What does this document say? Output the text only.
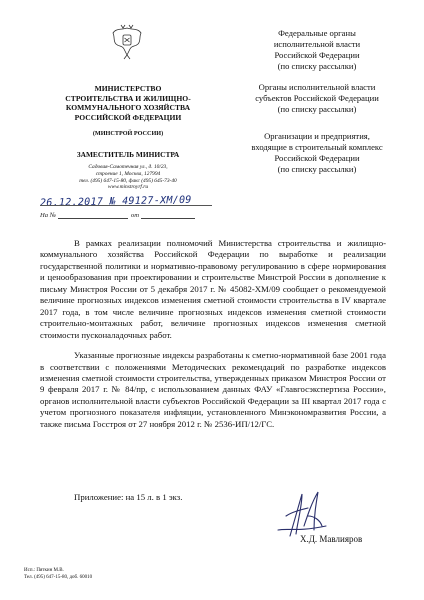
МИНИСТЕРСТВО
СТРОИТЕЛЬСТВА И ЖИЛИЩНО-
КОММУНАЛЬНОГО ХОЗЯЙСТВА
РОССИЙСКОЙ ФЕДЕРАЦИИ
(МИНСТРОЙ РОССИИ)
ЗАМЕСТИТЕЛЬ МИНИСТРА
Садовая-Самотечная ул., д. 10/23,
строение 1, Москва, 127994
тел. (495) 647-15-80, факс (495) 645-73-40
www.minstroyrf.ru
26.12.2017 № 49127-ХМ/09
На №	от
Федеральные органы
исполнительной власти
Российской Федерации
(по списку рассылки)
Органы исполнительной власти
субъектов Российской Федерации
(по списку рассылки)
Организации и предприятия,
входящие в строительный комплекс
Российской Федерации
(по списку рассылки)

В рамках реализации полномочий Министерства строительства и жилищно-коммунального хозяйства Российской Федерации по выработке и реализации государственной политики и нормативно-правовому регулированию в сфере нормирования и ценообразования при проектировании и строительстве Минстрой России в дополнение к письму Минстроя России от 5 декабря 2017 г. № 45082-ХМ/09 сообщает о рекомендуемой величине прогнозных индексов изменения сметной стоимости строительства в IV квартале 2017 года, в том числе величине прогнозных индексов изменения сметной стоимости строительно-монтажных работ, величине прогнозных индексов изменения сметной стоимости пусконаладочных работ.

Указанные прогнозные индексы разработаны к сметно-нормативной базе 2001 года в соответствии с положениями Методических рекомендаций по разработке индексов изменения сметной стоимости строительства, утвержденных приказом Минстроя России от 9 февраля 2017 г. № 84/пр, с использованием данных ФАУ «Главгосэкспертиза России», органов исполнительной власти субъектов Российской Федерации за III квартал 2017 года с учетом прогнозного показателя инфляции, установленного Минэкономразвития России, а также письма Госстроя от 27 ноября 2012 г. № 2536-ИП/12/ГС.

Приложение: на 15 л. в 1 экз.
Х.Д. Мавлияров
Исп.: Пяткин М.В.
Тел. (495) 647-15-80, доб. 60010
